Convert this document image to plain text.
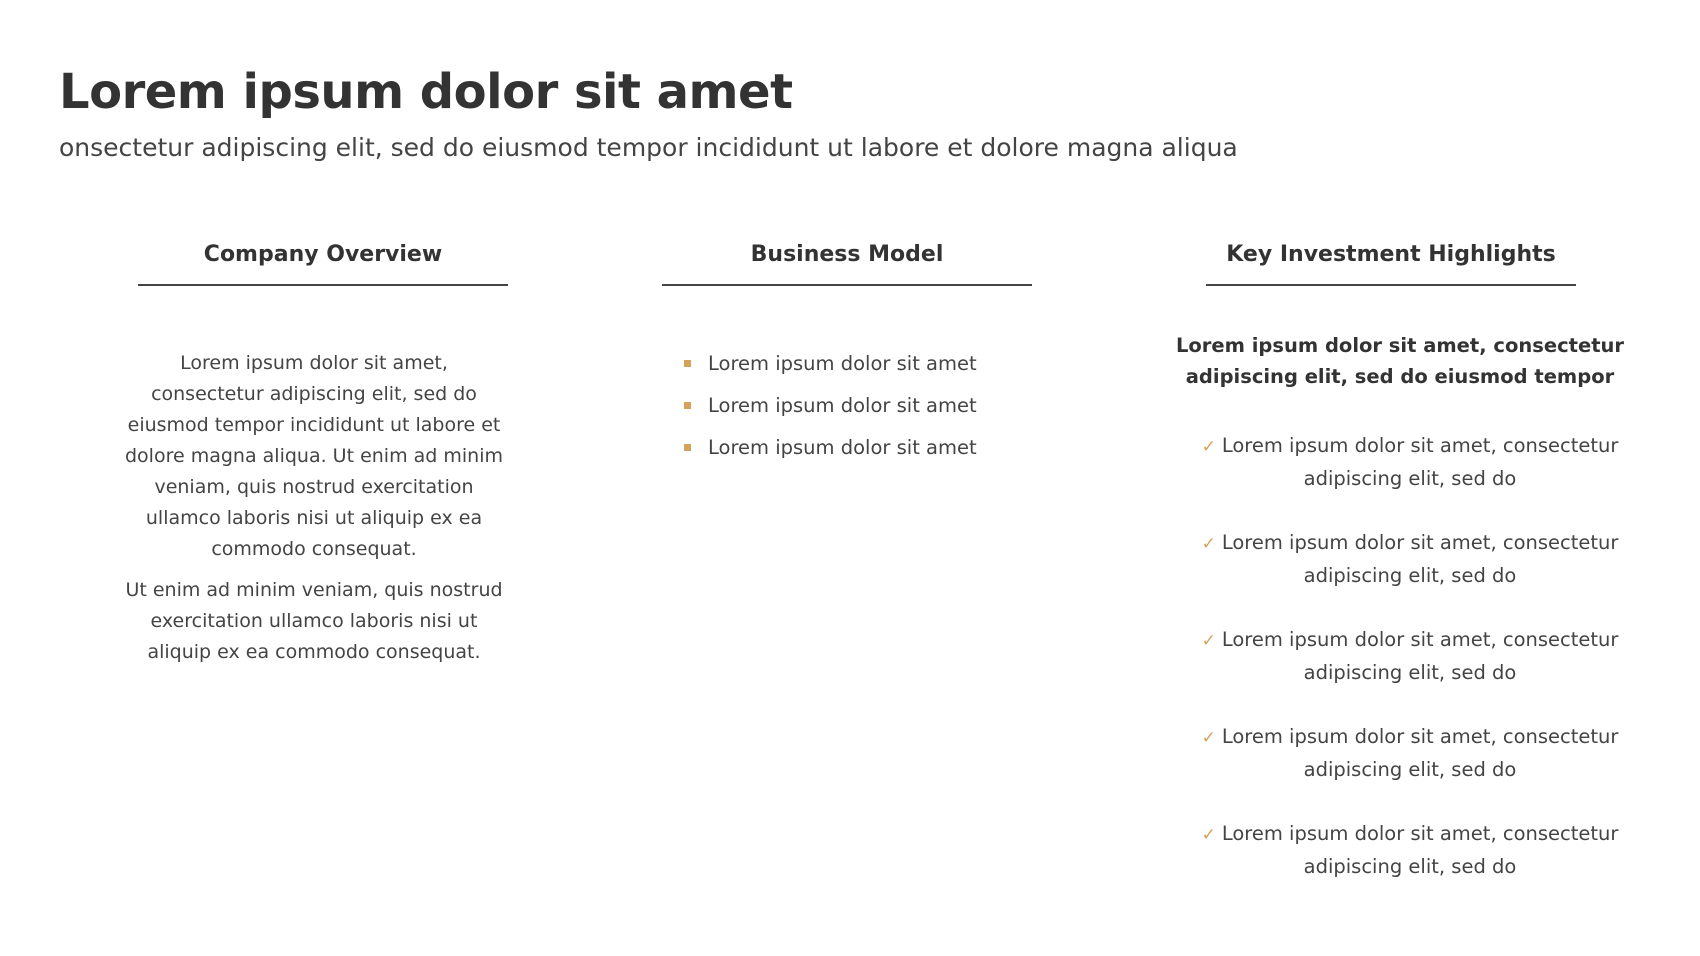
Lorem ipsum dolor sit amet

onsectetur adipiscing elit, sed do eiusmod tempor incididunt ut labore et dolore magna aliqua

Company Overview

Lorem ipsum dolor sit amet, consectetur adipiscing elit, sed do eiusmod tempor incididunt ut labore et dolore magna aliqua. Ut enim ad minim veniam, quis nostrud exercitation ullamco laboris nisi ut aliquip ex ea commodo consequat.

Ut enim ad minim veniam, quis nostrud exercitation ullamco laboris nisi ut aliquip ex ea commodo consequat.

Business Model
Lorem ipsum dolor sit amet
Lorem ipsum dolor sit amet
Lorem ipsum dolor sit amet
Key Investment Highlights
Lorem ipsum dolor sit amet, consectetur adipiscing elit, sed do eiusmod tempor
✓ Lorem ipsum dolor sit amet, consectetur adipiscing elit, sed do
✓ Lorem ipsum dolor sit amet, consectetur adipiscing elit, sed do
✓ Lorem ipsum dolor sit amet, consectetur adipiscing elit, sed do
✓ Lorem ipsum dolor sit amet, consectetur adipiscing elit, sed do
✓ Lorem ipsum dolor sit amet, consectetur adipiscing elit, sed do
